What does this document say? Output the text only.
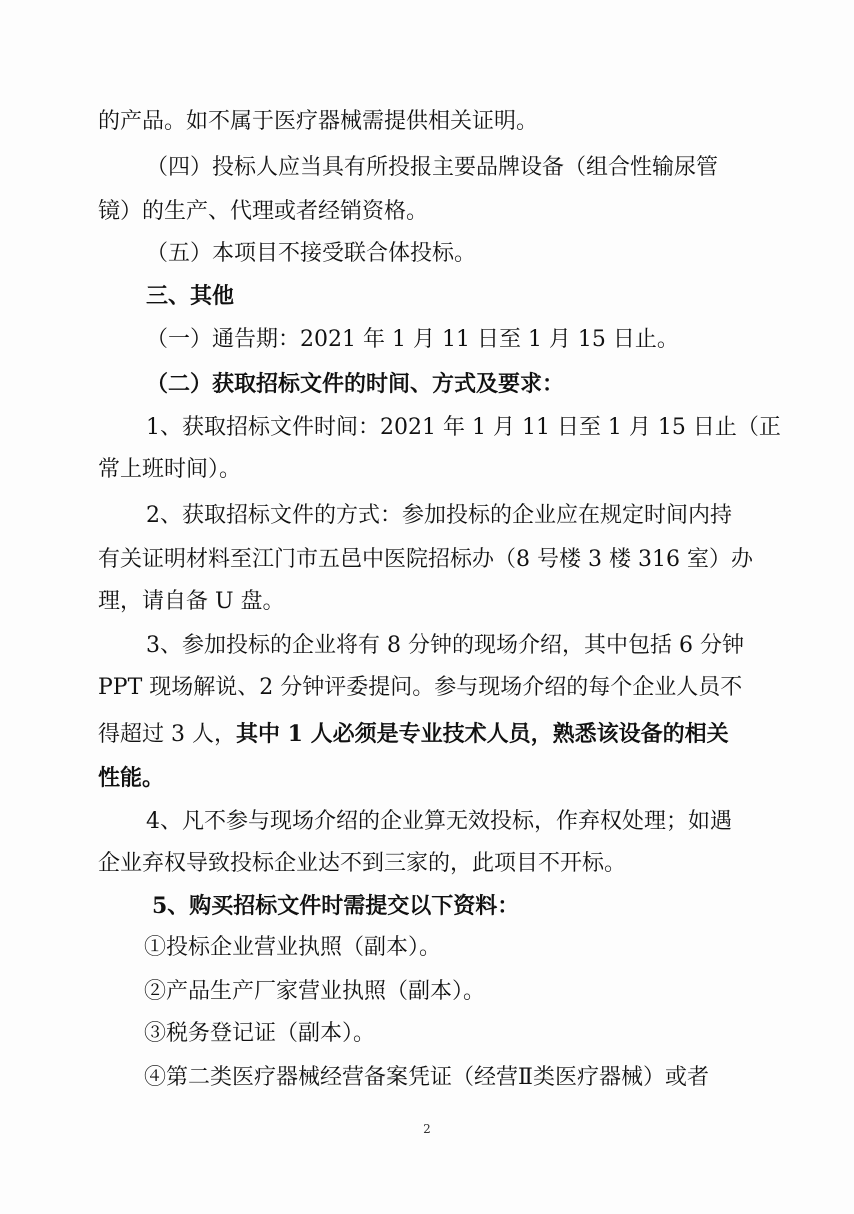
的产品。如不属于医疗器械需提供相关证明。
（四）投标人应当具有所投报主要品牌设备（组合性输尿管
镜）的生产、代理或者经销资格。
（五）本项目不接受联合体投标。
三、其他
（一）通告期：2021 年 1 月 11 日至 1 月 15 日止。
（二）获取招标文件的时间、方式及要求：
1、获取招标文件时间：2021 年 1 月 11 日至 1 月 15 日止（正
常上班时间）。
2、获取招标文件的方式：参加投标的企业应在规定时间内持
有关证明材料至江门市五邑中医院招标办（8 号楼 3 楼 316 室）办
理，请自备 U 盘。
3、参加投标的企业将有 8 分钟的现场介绍，其中包括 6 分钟
PPT 现场解说、2 分钟评委提问。参与现场介绍的每个企业人员不
得超过 3 人，其中 1 人必须是专业技术人员，熟悉该设备的相关
性能。
4、凡不参与现场介绍的企业算无效投标，作弃权处理；如遇
企业弃权导致投标企业达不到三家的，此项目不开标。
5、购买招标文件时需提交以下资料：
①投标企业营业执照（副本）。
②产品生产厂家营业执照（副本）。
③税务登记证（副本）。
④第二类医疗器械经营备案凭证（经营Ⅱ类医疗器械）或者
2
